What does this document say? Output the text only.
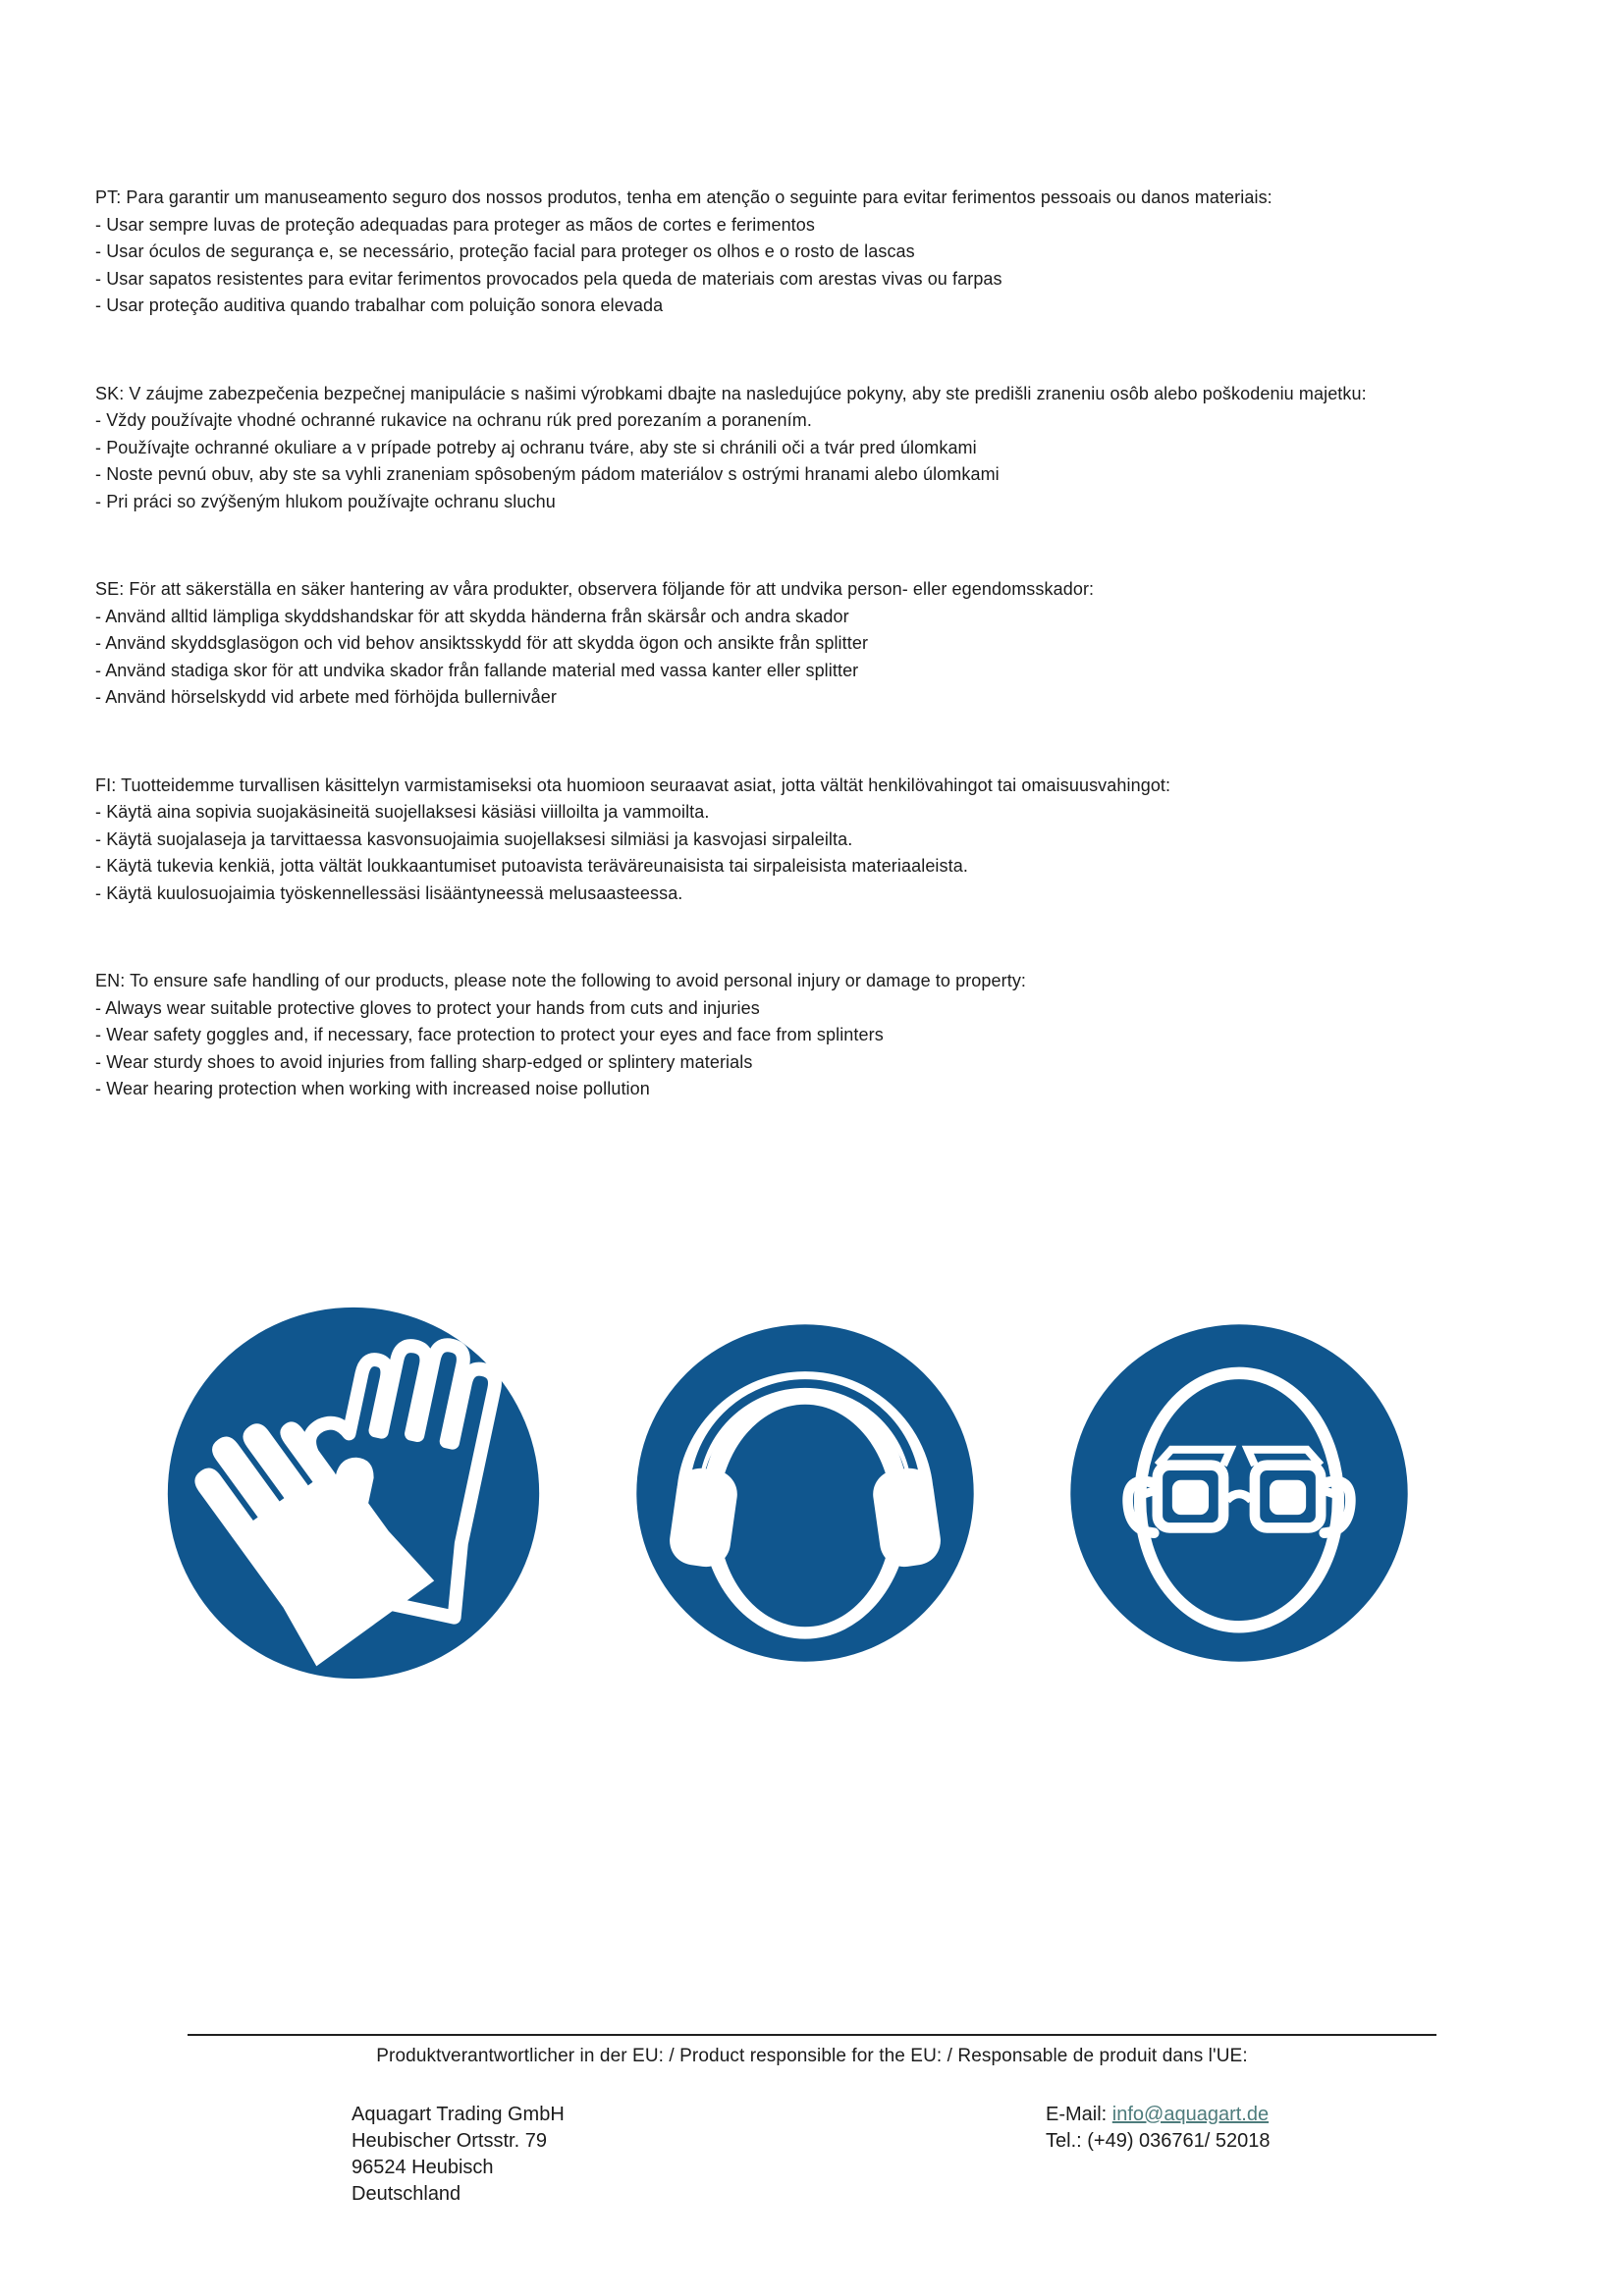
PT: Para garantir um manuseamento seguro dos nossos produtos, tenha em atenção o seguinte para evitar ferimentos pessoais ou danos materiais:
- Usar sempre luvas de proteção adequadas para proteger as mãos de cortes e ferimentos
- Usar óculos de segurança e, se necessário, proteção facial para proteger os olhos e o rosto de lascas
- Usar sapatos resistentes para evitar ferimentos provocados pela queda de materiais com arestas vivas ou farpas
- Usar proteção auditiva quando trabalhar com poluição sonora elevada
SK: V záujme zabezpečenia bezpečnej manipulácie s našimi výrobkami dbajte na nasledujúce pokyny, aby ste predišli zraneniu osôb alebo poškodeniu majetku:
- Vždy používajte vhodné ochranné rukavice na ochranu rúk pred porezaním a poranením.
- Používajte ochranné okuliare a v prípade potreby aj ochranu tváre, aby ste si chránili oči a tvár pred úlomkami
- Noste pevnú obuv, aby ste sa vyhli zraneniam spôsobeným pádom materiálov s ostrými hranami alebo úlomkami
- Pri práci so zvýšeným hlukom používajte ochranu sluchu
SE: För att säkerställa en säker hantering av våra produkter, observera följande för att undvika person- eller egendomsskador:
- Använd alltid lämpliga skyddshandskar för att skydda händerna från skärsår och andra skador
- Använd skyddsglasögon och vid behov ansiktsskydd för att skydda ögon och ansikte från splitter
- Använd stadiga skor för att undvika skador från fallande material med vassa kanter eller splitter
- Använd hörselskydd vid arbete med förhöjda bullernivåer
FI: Tuotteidemme turvallisen käsittelyn varmistamiseksi ota huomioon seuraavat asiat, jotta vältät henkilövahingot tai omaisuusvahingot:
- Käytä aina sopivia suojakäsineitä suojellaksesi käsiäsi viilloilta ja vammoilta.
- Käytä suojalaseja ja tarvittaessa kasvonsuojaimia suojellaksesi silmiäsi ja kasvojasi sirpaleilta.
- Käytä tukevia kenkiä, jotta vältät loukkaantumiset putoavista teräväreunaisista tai sirpaleisista materiaaleista.
- Käytä kuulosuojaimia työskennellessäsi lisääntyneessä melusaasteessa.
EN: To ensure safe handling of our products, please note the following to avoid personal injury or damage to property:
- Always wear suitable protective gloves to protect your hands from cuts and injuries
- Wear safety goggles and, if necessary, face protection to protect your eyes and face from splinters
- Wear sturdy shoes to avoid injuries from falling sharp-edged or splintery materials
- Wear hearing protection when working with increased noise pollution
Produktverantwortlicher in der EU: / Product responsible for the EU: / Responsable de produit dans l'UE:
Aquagart Trading GmbH
Heubischer Ortsstr. 79
96524 Heubisch
Deutschland
E-Mail: info@aquagart.de
Tel.: (+49) 036761/ 52018
